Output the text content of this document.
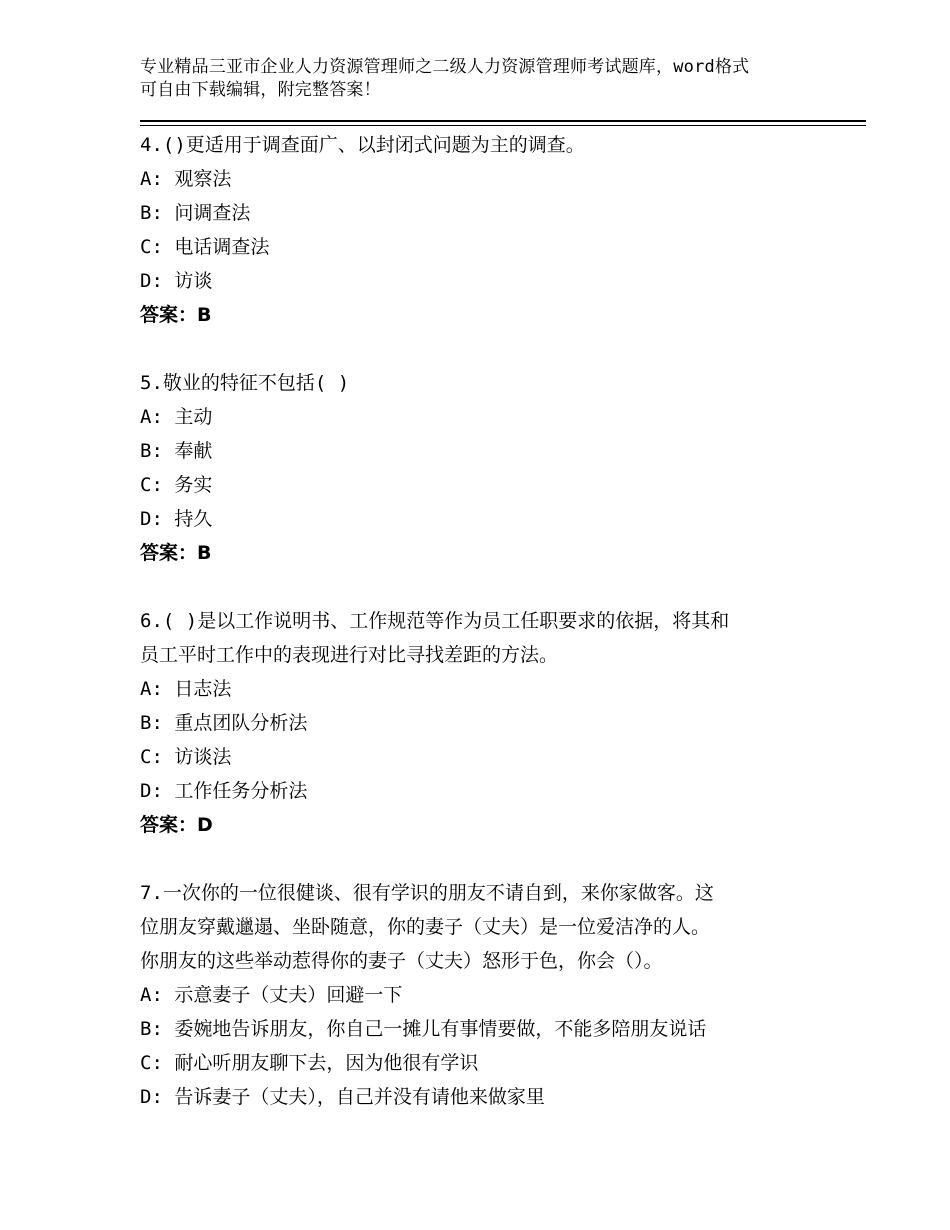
专业精品三亚市企业人力资源管理师之二级人力资源管理师考试题库，word格式
可自由下载编辑，附完整答案！
4.()更适用于调查面广、以封闭式问题为主的调查。
A: 观察法
B: 问调查法
C: 电话调查法
D: 访谈
答案：B
5.敬业的特征不包括( )
A: 主动
B: 奉献
C: 务实
D: 持久
答案：B
6.( )是以工作说明书、工作规范等作为员工任职要求的依据，将其和
员工平时工作中的表现进行对比寻找差距的方法。
A: 日志法
B: 重点团队分析法
C: 访谈法
D: 工作任务分析法
答案：D
7.一次你的一位很健谈、很有学识的朋友不请自到，来你家做客。这
位朋友穿戴邋遢、坐卧随意，你的妻子（丈夫）是一位爱洁净的人。
你朋友的这些举动惹得你的妻子（丈夫）怒形于色，你会（）。
A: 示意妻子（丈夫）回避一下
B: 委婉地告诉朋友，你自己一摊儿有事情要做，不能多陪朋友说话
C: 耐心听朋友聊下去，因为他很有学识
D: 告诉妻子（丈夫），自己并没有请他来做家里
